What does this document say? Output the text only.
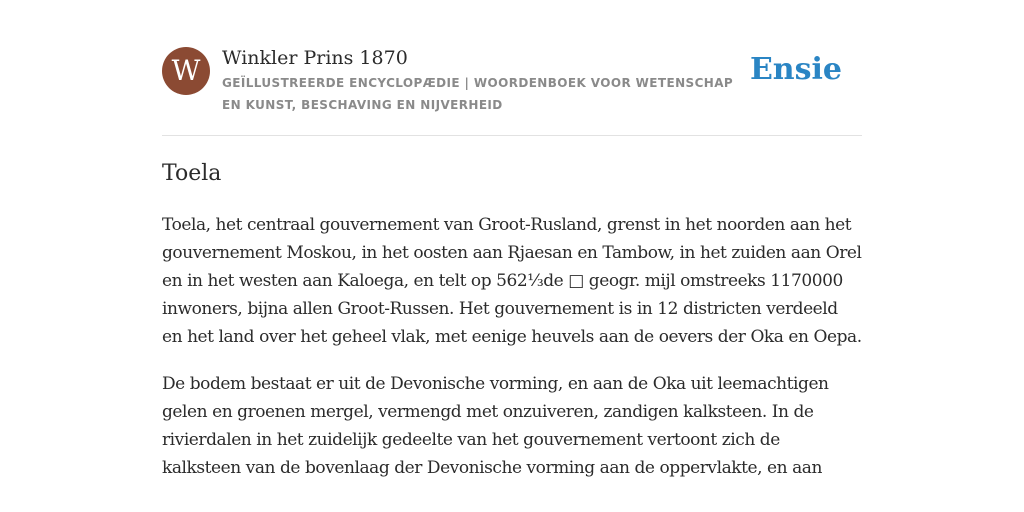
W	Winkler Prins 1870
GEÏLLUSTREERDE ENCYCLOPÆDIE | WOORDENBOEK VOOR WETENSCHAP EN KUNST, BESCHAVING EN NIJVERHEID
Ensie
Toela

Toela, het centraal gouvernement van Groot-Rusland, grenst in het noorden aan het gouvernement Moskou, in het oosten aan Rjaesan en Tambow, in het zuiden aan Orel en in het westen aan Kaloega, en telt op 562⅓de □ geogr. mijl omstreeks 1170000 inwoners, bijna allen Groot-Russen. Het gouvernement is in 12 districten verdeeld en het land over het geheel vlak, met eenige heuvels aan de oevers der Oka en Oepa.

De bodem bestaat er uit de Devonische vorming, en aan de Oka uit leemachtigen gelen en groenen mergel, vermengd met onzuiveren, zandigen kalksteen. In de rivierdalen in het zuidelijk gedeelte van het gouvernement vertoont zich de kalksteen van de bovenlaag der Devonische vorming aan de oppervlakte, en aan
